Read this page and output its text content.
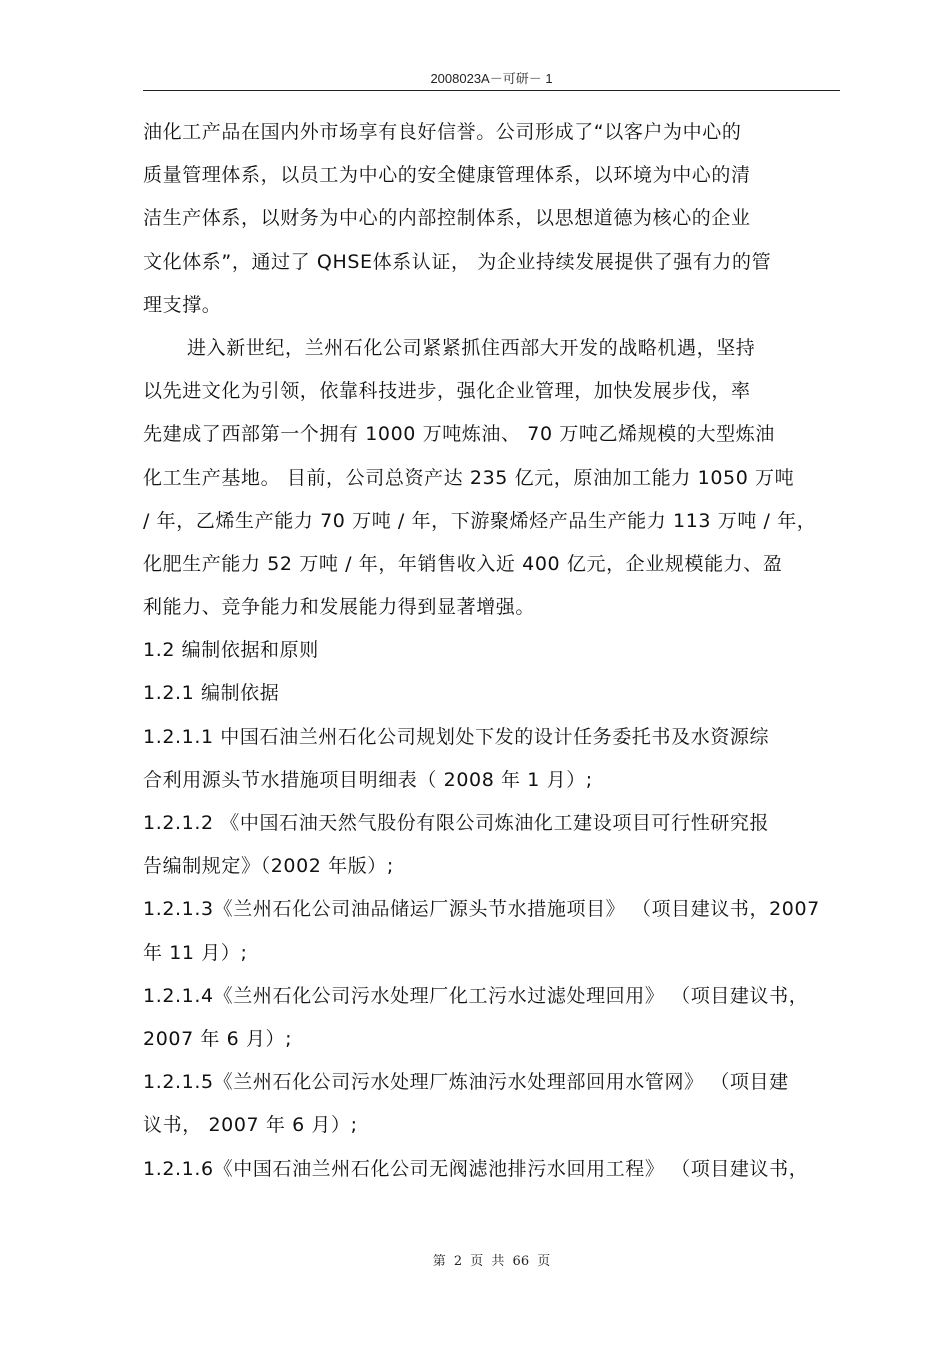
2008023A－可研－ 1
油化工产品在国内外市场享有良好信誉。公司形成了“以客户为中心的
质量管理体系，以员工为中心的安全健康管理体系，以环境为中心的清
洁生产体系，以财务为中心的内部控制体系，以思想道德为核心的企业
文化体系”，通过了 QHSE体系认证， 为企业持续发展提供了强有力的管
理支撑。
进入新世纪，兰州石化公司紧紧抓住西部大开发的战略机遇，坚持
以先进文化为引领，依靠科技进步，强化企业管理，加快发展步伐，率
先建成了西部第一个拥有 1000 万吨炼油、 70 万吨乙烯规模的大型炼油
化工生产基地。 目前，公司总资产达 235 亿元，原油加工能力 1050 万吨
/ 年，乙烯生产能力 70 万吨 / 年，下游聚烯烃产品生产能力 113 万吨 / 年，
化肥生产能力 52 万吨 / 年，年销售收入近 400 亿元，企业规模能力、盈
利能力、竞争能力和发展能力得到显著增强。
1.2 编制依据和原则
1.2.1 编制依据
1.2.1.1 中国石油兰州石化公司规划处下发的设计任务委托书及水资源综
合利用源头节水措施项目明细表（ 2008 年 1 月）;
1.2.1.2 《中国石油天然气股份有限公司炼油化工建设项目可行性研究报
告编制规定》（2002 年版）;
1.2.1.3《兰州石化公司油品储运厂源头节水措施项目》 （项目建议书，2007
年 11 月）;
1.2.1.4《兰州石化公司污水处理厂化工污水过滤处理回用》 （项目建议书，
2007 年 6 月）;
1.2.1.5《兰州石化公司污水处理厂炼油污水处理部回用水管网》 （项目建
议书， 2007 年 6 月）;
1.2.1.6《中国石油兰州石化公司无阀滤池排污水回用工程》 （项目建议书，
第 2 页 共 66 页
